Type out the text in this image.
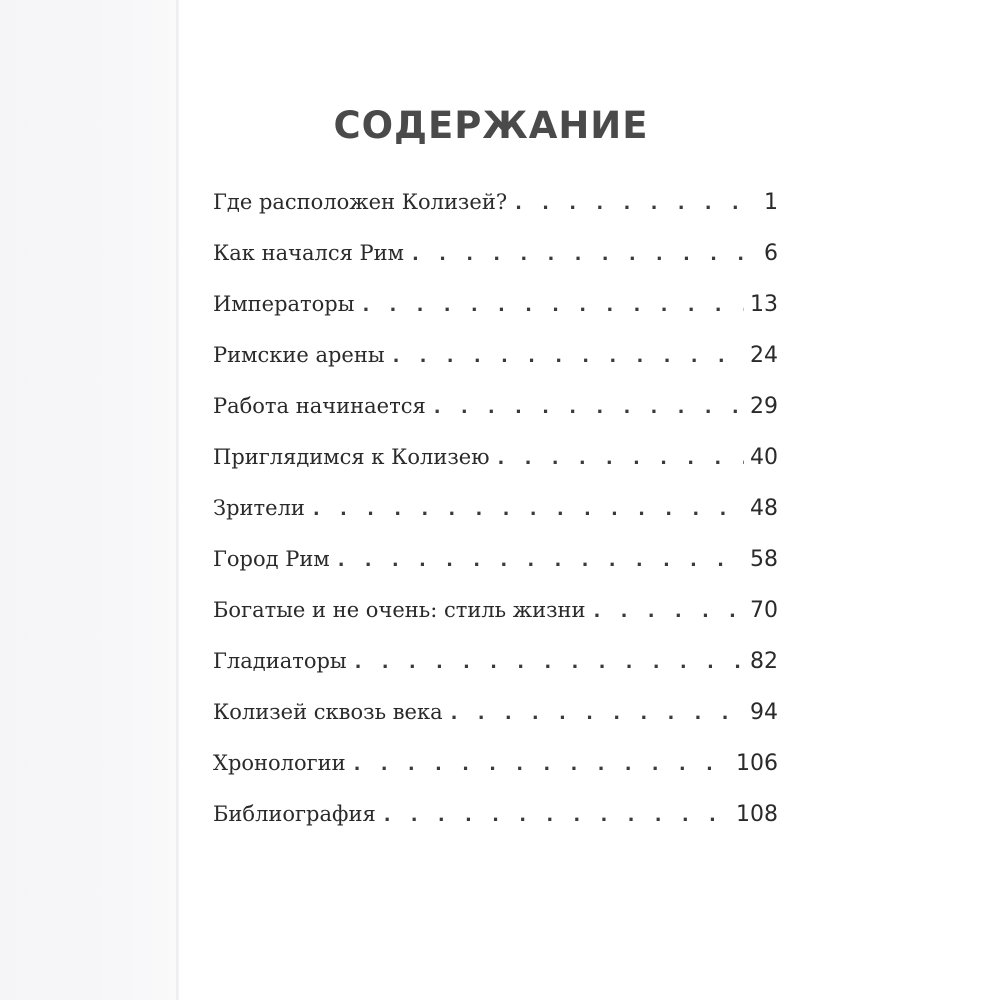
СОДЕРЖАНИЕ
Где расположен Колизей? . . .	1
Как начался Рим . . .	6
Императоры . . .	13
Римские арены . . .	24
Работа начинается . . .	29
Приглядимся к Колизею . . .	40
Зрители . . .	48
Город Рим . . .	58
Богатые и не очень: стиль жизни . . .	70
Гладиаторы . . .	82
Колизей сквозь века . . .	94
Хронологии . . .	106
Библиография . . .	108
